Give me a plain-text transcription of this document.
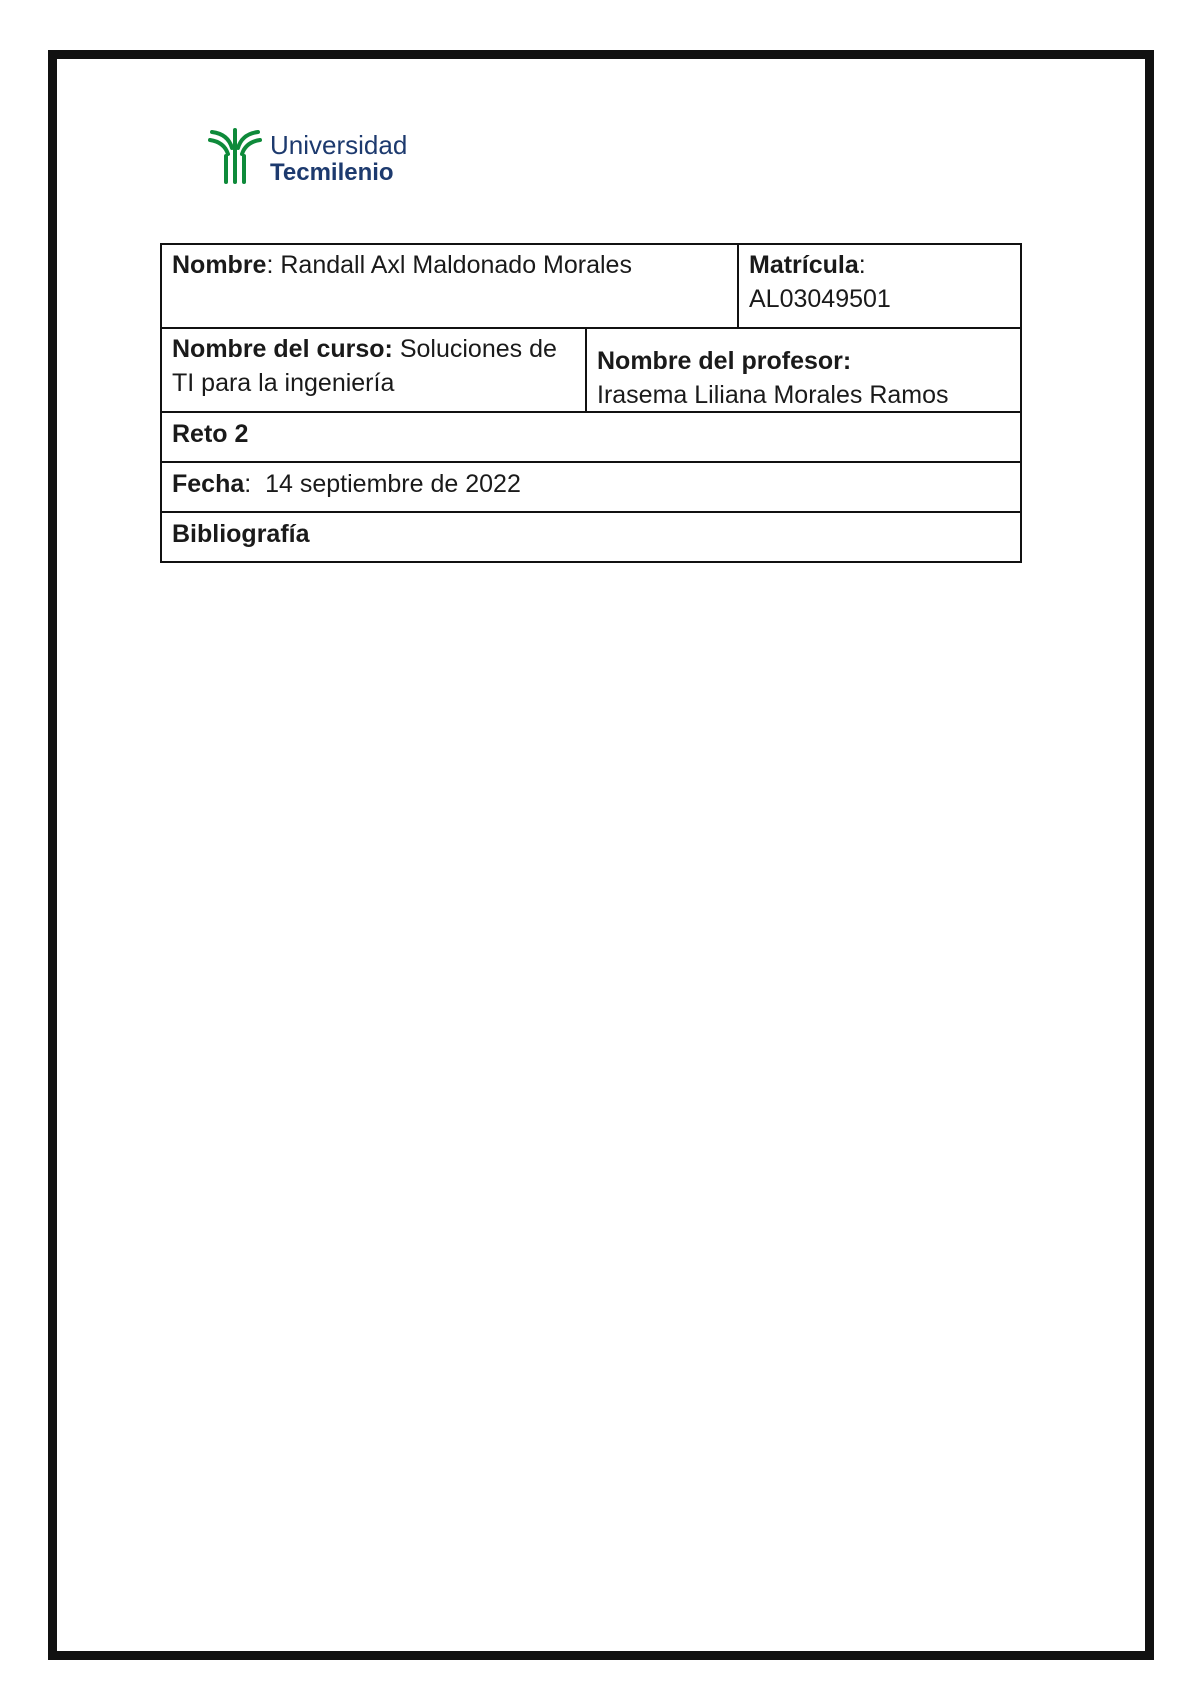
Universidad
Tecmilenio
Nombre: Randall Axl Maldonado Morales	Matrícula:
AL03049501
Nombre del curso: Soluciones de TI para la ingeniería
Nombre del profesor:
Irasema Liliana Morales Ramos
Reto 2
Fecha:  14 septiembre de 2022
Bibliografía
